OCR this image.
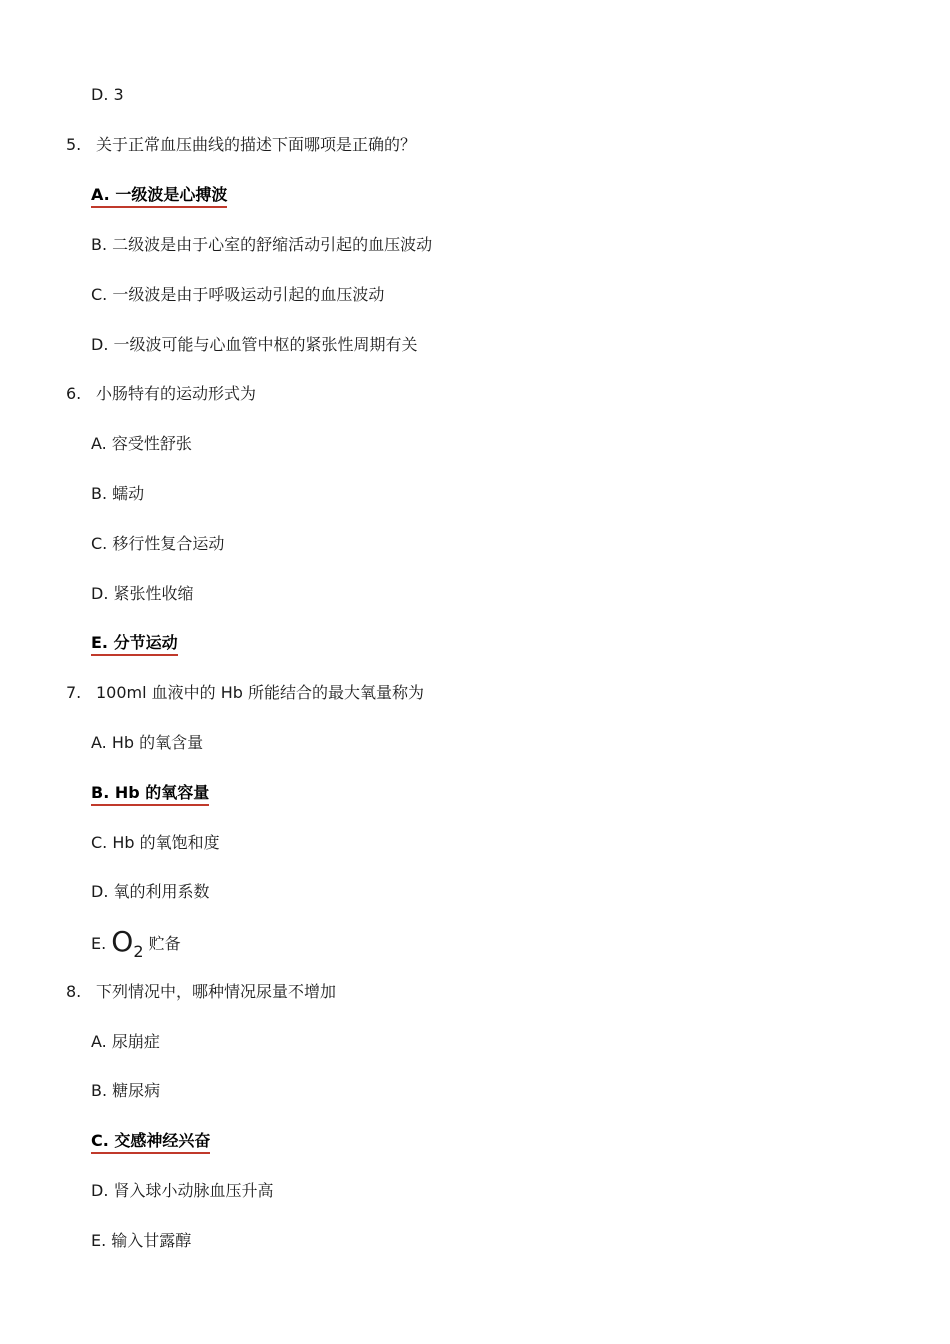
D. 3
5. 关于正常血压曲线的描述下面哪项是正确的？
A. 一级波是心搏波
B. 二级波是由于心室的舒缩活动引起的血压波动
C. 一级波是由于呼吸运动引起的血压波动
D. 一级波可能与心血管中枢的紧张性周期有关
6. 小肠特有的运动形式为
A. 容受性舒张
B. 蠕动
C. 移行性复合运动
D. 紧张性收缩
E. 分节运动
7. 100ml 血液中的 Hb 所能结合的最大氧量称为
A. Hb 的氧含量
B. Hb 的氧容量
C. Hb 的氧饱和度
D. 氧的利用系数
E. O2 贮备
8. 下列情况中，哪种情况尿量不增加
A. 尿崩症
B. 糖尿病
C. 交感神经兴奋
D. 肾入球小动脉血压升高
E. 输入甘露醇
